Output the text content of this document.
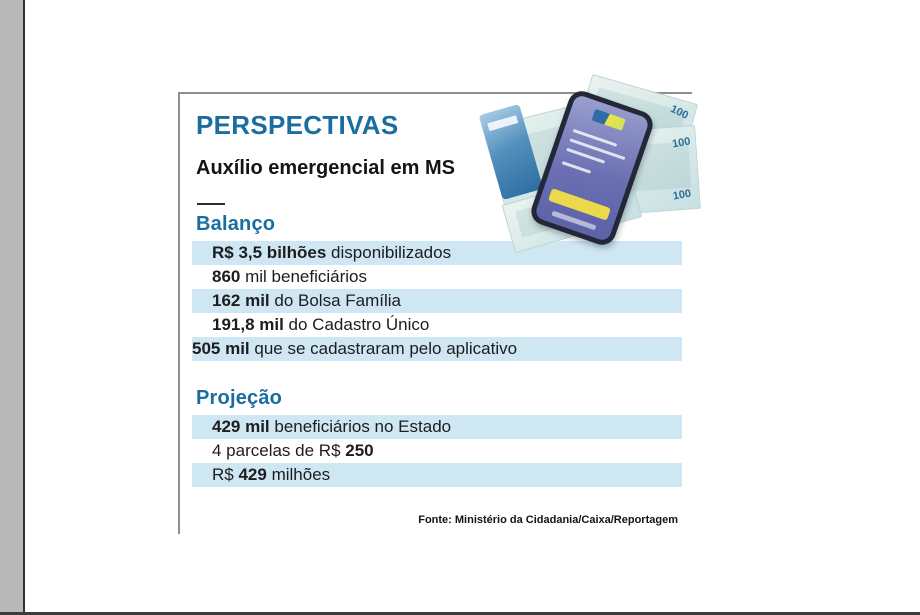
PERSPECTIVAS
Auxílio emergencial em MS
Balanço
R$ 3,5 bilhões disponibilizados
860 mil beneficiários
162 mil do Bolsa Família
191,8 mil do Cadastro Único
505 mil que se cadastraram pelo aplicativo
Projeção
429 mil beneficiários no Estado
4 parcelas de R$ 250
R$ 429 milhões
Fonte: Ministério da Cidadania/Caixa/Reportagem
100
100
100
